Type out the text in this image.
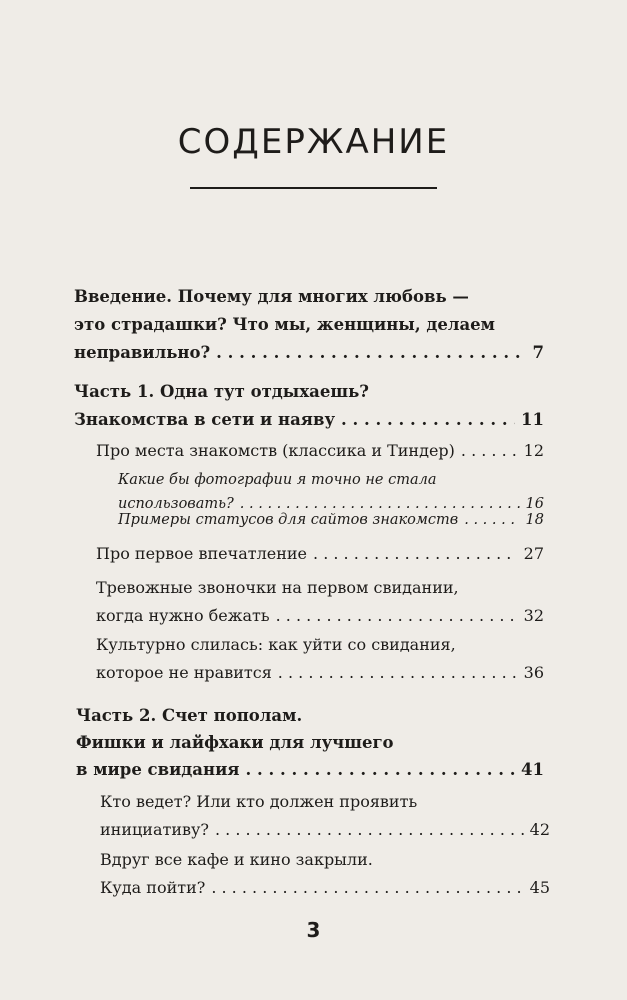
СОДЕРЖАНИЕ
Введение. Почему для многих любовь —
это страдашки? Что мы, женщины, делаем
неправильно? . . .	7
Часть 1. Одна тут отдыхаешь?
Знакомства в сети и наяву . . .	11
Про места знакомств (классика и Тиндер) . . .	12
Какие бы фотографии я точно не стала
использовать? . . .	16
Примеры статусов для сайтов знакомств . . .	18
Про первое впечатление . . .	27
Тревожные звоночки на первом свидании,
когда нужно бежать . . .	32
Культурно слилась: как уйти со свидания,
которое не нравится . . .	36
Часть 2. Счет пополам.
Фишки и лайфхаки для лучшего
в мире свидания . . .	41
Кто ведет? Или кто должен проявить
инициативу? . . .	42
Вдруг все кафе и кино закрыли.
Куда пойти? . . .	45
3
